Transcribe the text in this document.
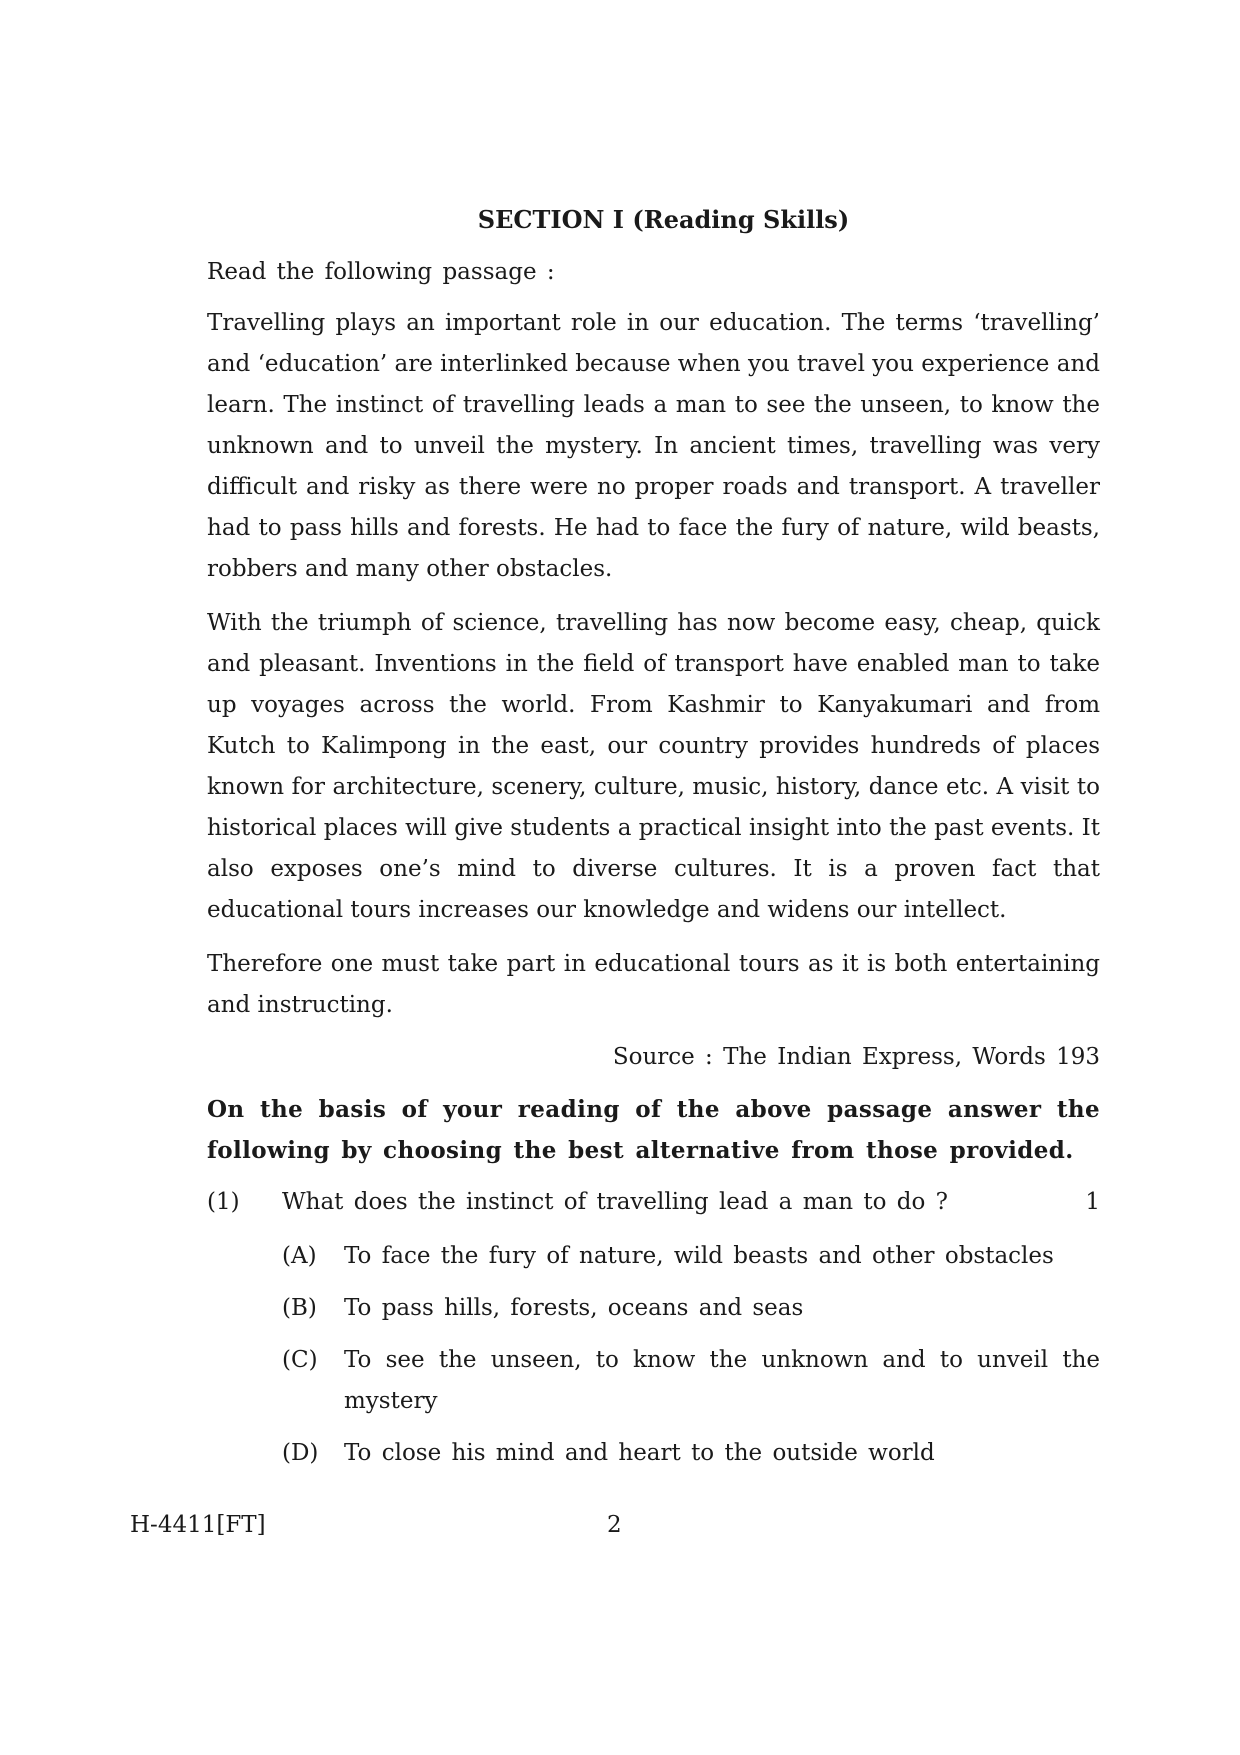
SECTION I (Reading Skills)
Read the following passage :

Travelling plays an important role in our education. The terms ‘travelling’ and ‘education’ are interlinked because when you travel you experience and learn. The instinct of travelling leads a man to see the unseen, to know the unknown and to unveil the mystery. In ancient times, travelling was very difficult and risky as there were no proper roads and transport. A traveller had to pass hills and forests. He had to face the fury of nature, wild beasts, robbers and many other obstacles.

With the triumph of science, travelling has now become easy, cheap, quick and pleasant. Inventions in the field of transport have enabled man to take up voyages across the world. From Kashmir to Kanyakumari and from Kutch to Kalimpong in the east, our country provides hundreds of places known for architecture, scenery, culture, music, history, dance etc. A visit to historical places will give students a practical insight into the past events. It also exposes one’s mind to diverse cultures. It is a proven fact that educational tours increases our knowledge and widens our intellect.

Therefore one must take part in educational tours as it is both entertaining and instructing.

Source : The Indian Express, Words 193

On the basis of your reading of the above passage answer the following by choosing the best alternative from those provided.

(1) What does the instinct of travelling lead a man to do ?	1
(A) To face the fury of nature, wild beasts and other obstacles
(B) To pass hills, forests, oceans and seas
(C) To see the unseen, to know the unknown and to unveil the mystery
(D) To close his mind and heart to the outside world
H-4411[FT]	2
